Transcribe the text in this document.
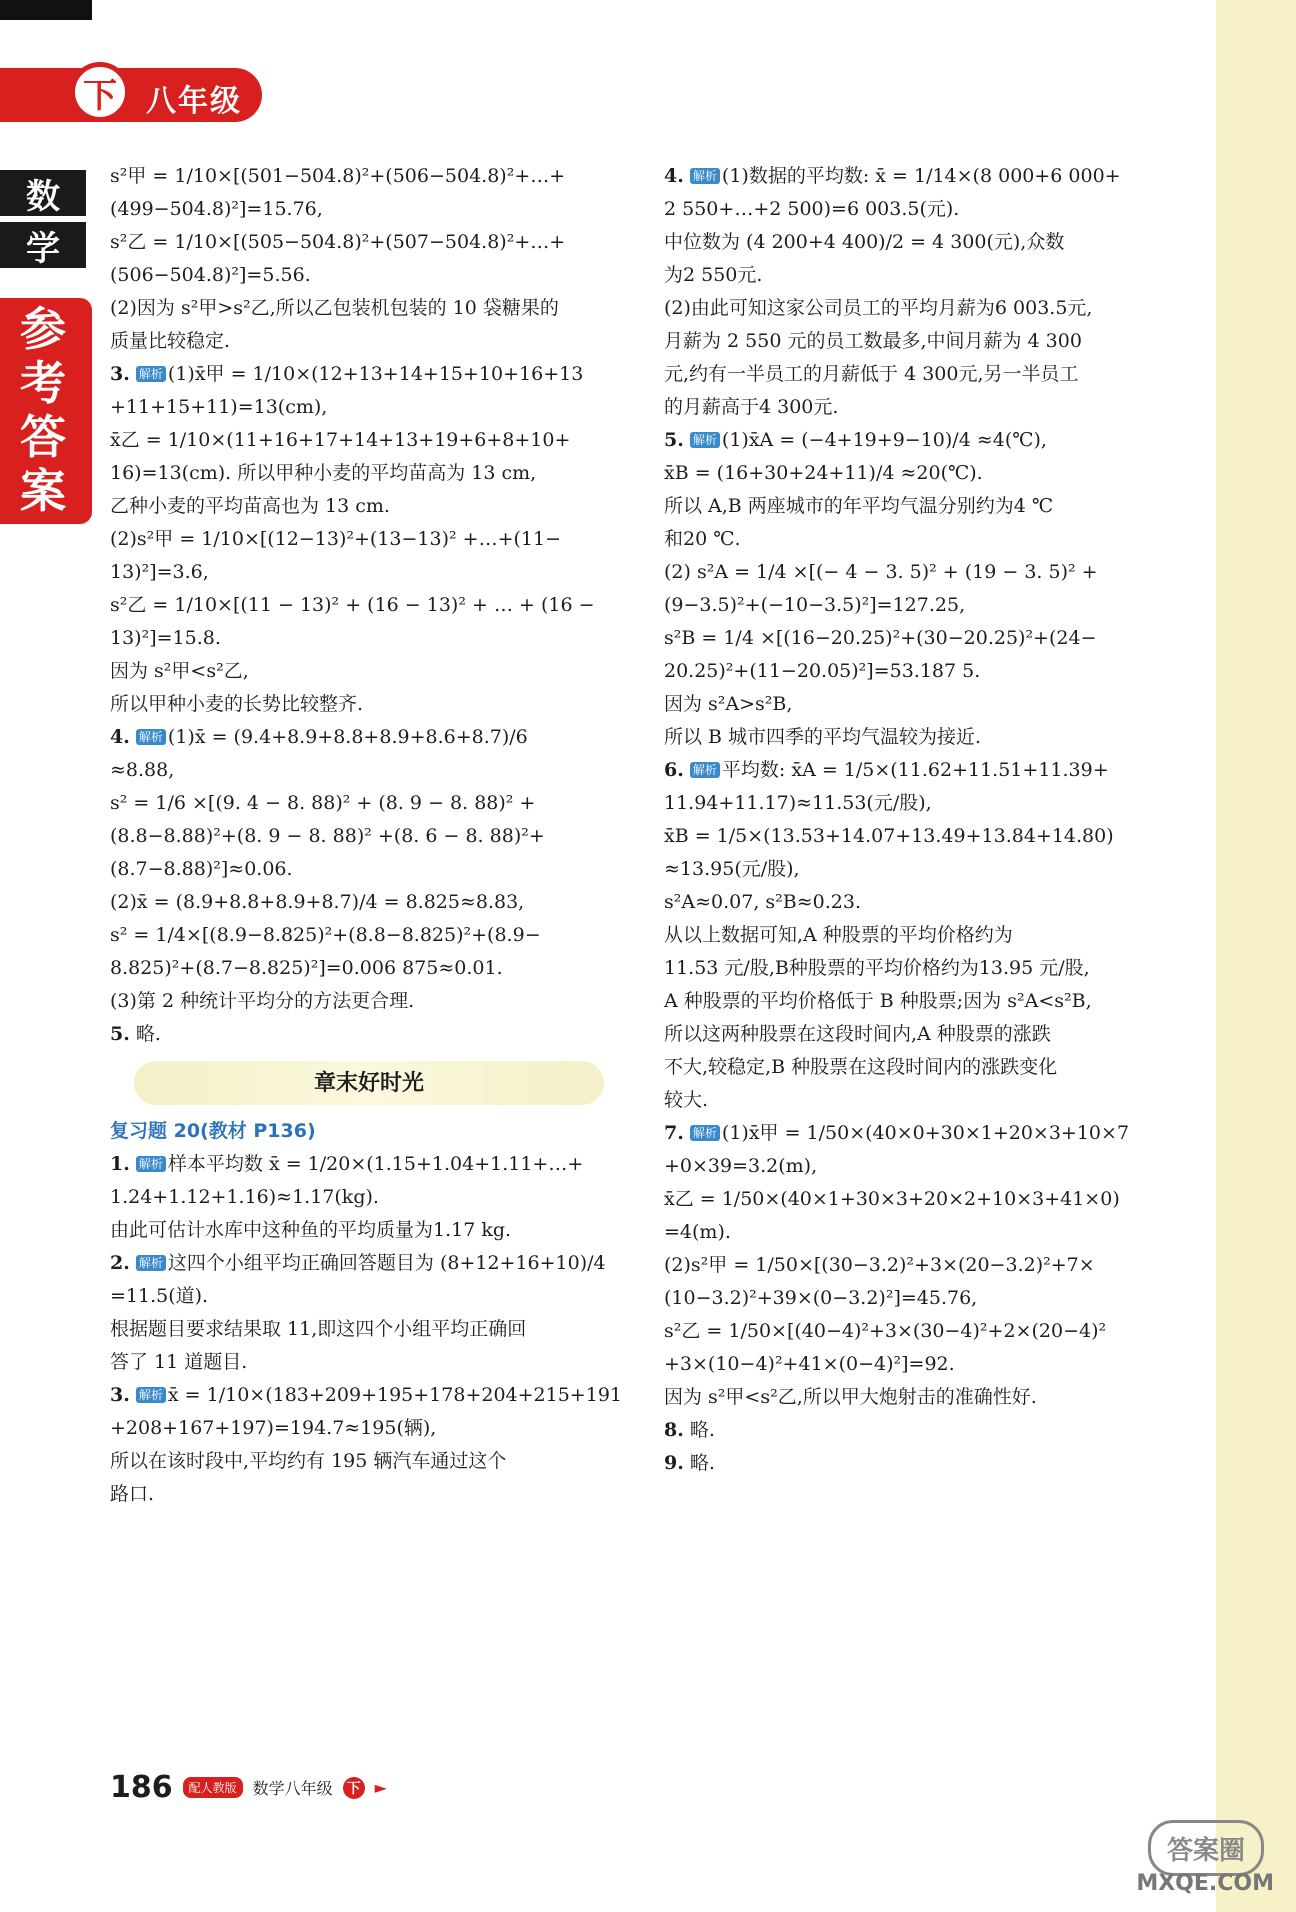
下 八年级
数
学
参
考
答
案

s²甲 = 1/10×[(501−504.8)²+(506−504.8)²+…+

(499−504.8)²]=15.76,

s²乙 = 1/10×[(505−504.8)²+(507−504.8)²+…+

(506−504.8)²]=5.56.

(2)因为 s²甲>s²乙,所以乙包装机包装的 10 袋糖果的

质量比较稳定.

3. 解析 (1)x̄甲 = 1/10×(12+13+14+15+10+16+13

+11+15+11)=13(cm),

x̄乙 = 1/10×(11+16+17+14+13+19+6+8+10+

16)=13(cm). 所以甲种小麦的平均苗高为 13 cm,

乙种小麦的平均苗高也为 13 cm.

(2)s²甲 = 1/10×[(12−13)²+(13−13)² +…+(11−

13)²]=3.6,

s²乙 = 1/10×[(11 − 13)² + (16 − 13)² + … + (16 −

13)²]=15.8.

因为 s²甲<s²乙,

所以甲种小麦的长势比较整齐.

4. 解析 (1)x̄ = (9.4+8.9+8.8+8.9+8.6+8.7)/6

≈8.88,

s² = 1/6 ×[(9. 4 − 8. 88)² + (8. 9 − 8. 88)² +

(8.8−8.88)²+(8. 9 − 8. 88)² +(8. 6 − 8. 88)²+

(8.7−8.88)²]≈0.06.

(2)x̄ = (8.9+8.8+8.9+8.7)/4 = 8.825≈8.83,

s² = 1/4×[(8.9−8.825)²+(8.8−8.825)²+(8.9−

8.825)²+(8.7−8.825)²]=0.006 875≈0.01.

(3)第 2 种统计平均分的方法更合理.

5. 略.

章末好时光

复习题 20(教材 P136)

1. 解析 样本平均数 x̄ = 1/20×(1.15+1.04+1.11+…+

1.24+1.12+1.16)≈1.17(kg).

由此可估计水库中这种鱼的平均质量为1.17 kg.

2. 解析 这四个小组平均正确回答题目为 (8+12+16+10)/4

=11.5(道).

根据题目要求结果取 11,即这四个小组平均正确回

答了 11 道题目.

3. 解析 x̄ = 1/10×(183+209+195+178+204+215+191

+208+167+197)=194.7≈195(辆),

所以在该时段中,平均约有 195 辆汽车通过这个

路口.

4. 解析 (1)数据的平均数: x̄ = 1/14×(8 000+6 000+

2 550+…+2 500)=6 003.5(元).

中位数为 (4 200+4 400)/2 = 4 300(元),众数

为2 550元.

(2)由此可知这家公司员工的平均月薪为6 003.5元,

月薪为 2 550 元的员工数最多,中间月薪为 4 300

元,约有一半员工的月薪低于 4 300元,另一半员工

的月薪高于4 300元.

5. 解析 (1)x̄A = (−4+19+9−10)/4 ≈4(℃),

x̄B = (16+30+24+11)/4 ≈20(℃).

所以 A,B 两座城市的年平均气温分别约为4 ℃

和20 ℃.

(2) s²A = 1/4 ×[(− 4 − 3. 5)² + (19 − 3. 5)² +

(9−3.5)²+(−10−3.5)²]=127.25,

s²B = 1/4 ×[(16−20.25)²+(30−20.25)²+(24−

20.25)²+(11−20.05)²]=53.187 5.

因为 s²A>s²B,

所以 B 城市四季的平均气温较为接近.

6. 解析 平均数: x̄A = 1/5×(11.62+11.51+11.39+

11.94+11.17)≈11.53(元/股),

x̄B = 1/5×(13.53+14.07+13.49+13.84+14.80)

≈13.95(元/股),

s²A≈0.07, s²B≈0.23.

从以上数据可知,A 种股票的平均价格约为

11.53 元/股,B种股票的平均价格约为13.95 元/股,

A 种股票的平均价格低于 B 种股票;因为 s²A<s²B,

所以这两种股票在这段时间内,A 种股票的涨跌

不大,较稳定,B 种股票在这段时间内的涨跌变化

较大.

7. 解析 (1)x̄甲 = 1/50×(40×0+30×1+20×3+10×7

+0×39=3.2(m),

x̄乙 = 1/50×(40×1+30×3+20×2+10×3+41×0)

=4(m).

(2)s²甲 = 1/50×[(30−3.2)²+3×(20−3.2)²+7×

(10−3.2)²+39×(0−3.2)²]=45.76,

s²乙 = 1/50×[(40−4)²+3×(30−4)²+2×(20−4)²

+3×(10−4)²+41×(0−4)²]=92.

因为 s²甲<s²乙,所以甲大炮射击的准确性好.

8. 略.

9. 略.

186	配人教版	数学八年级 下 ►
答案圈
MXQE.COM
